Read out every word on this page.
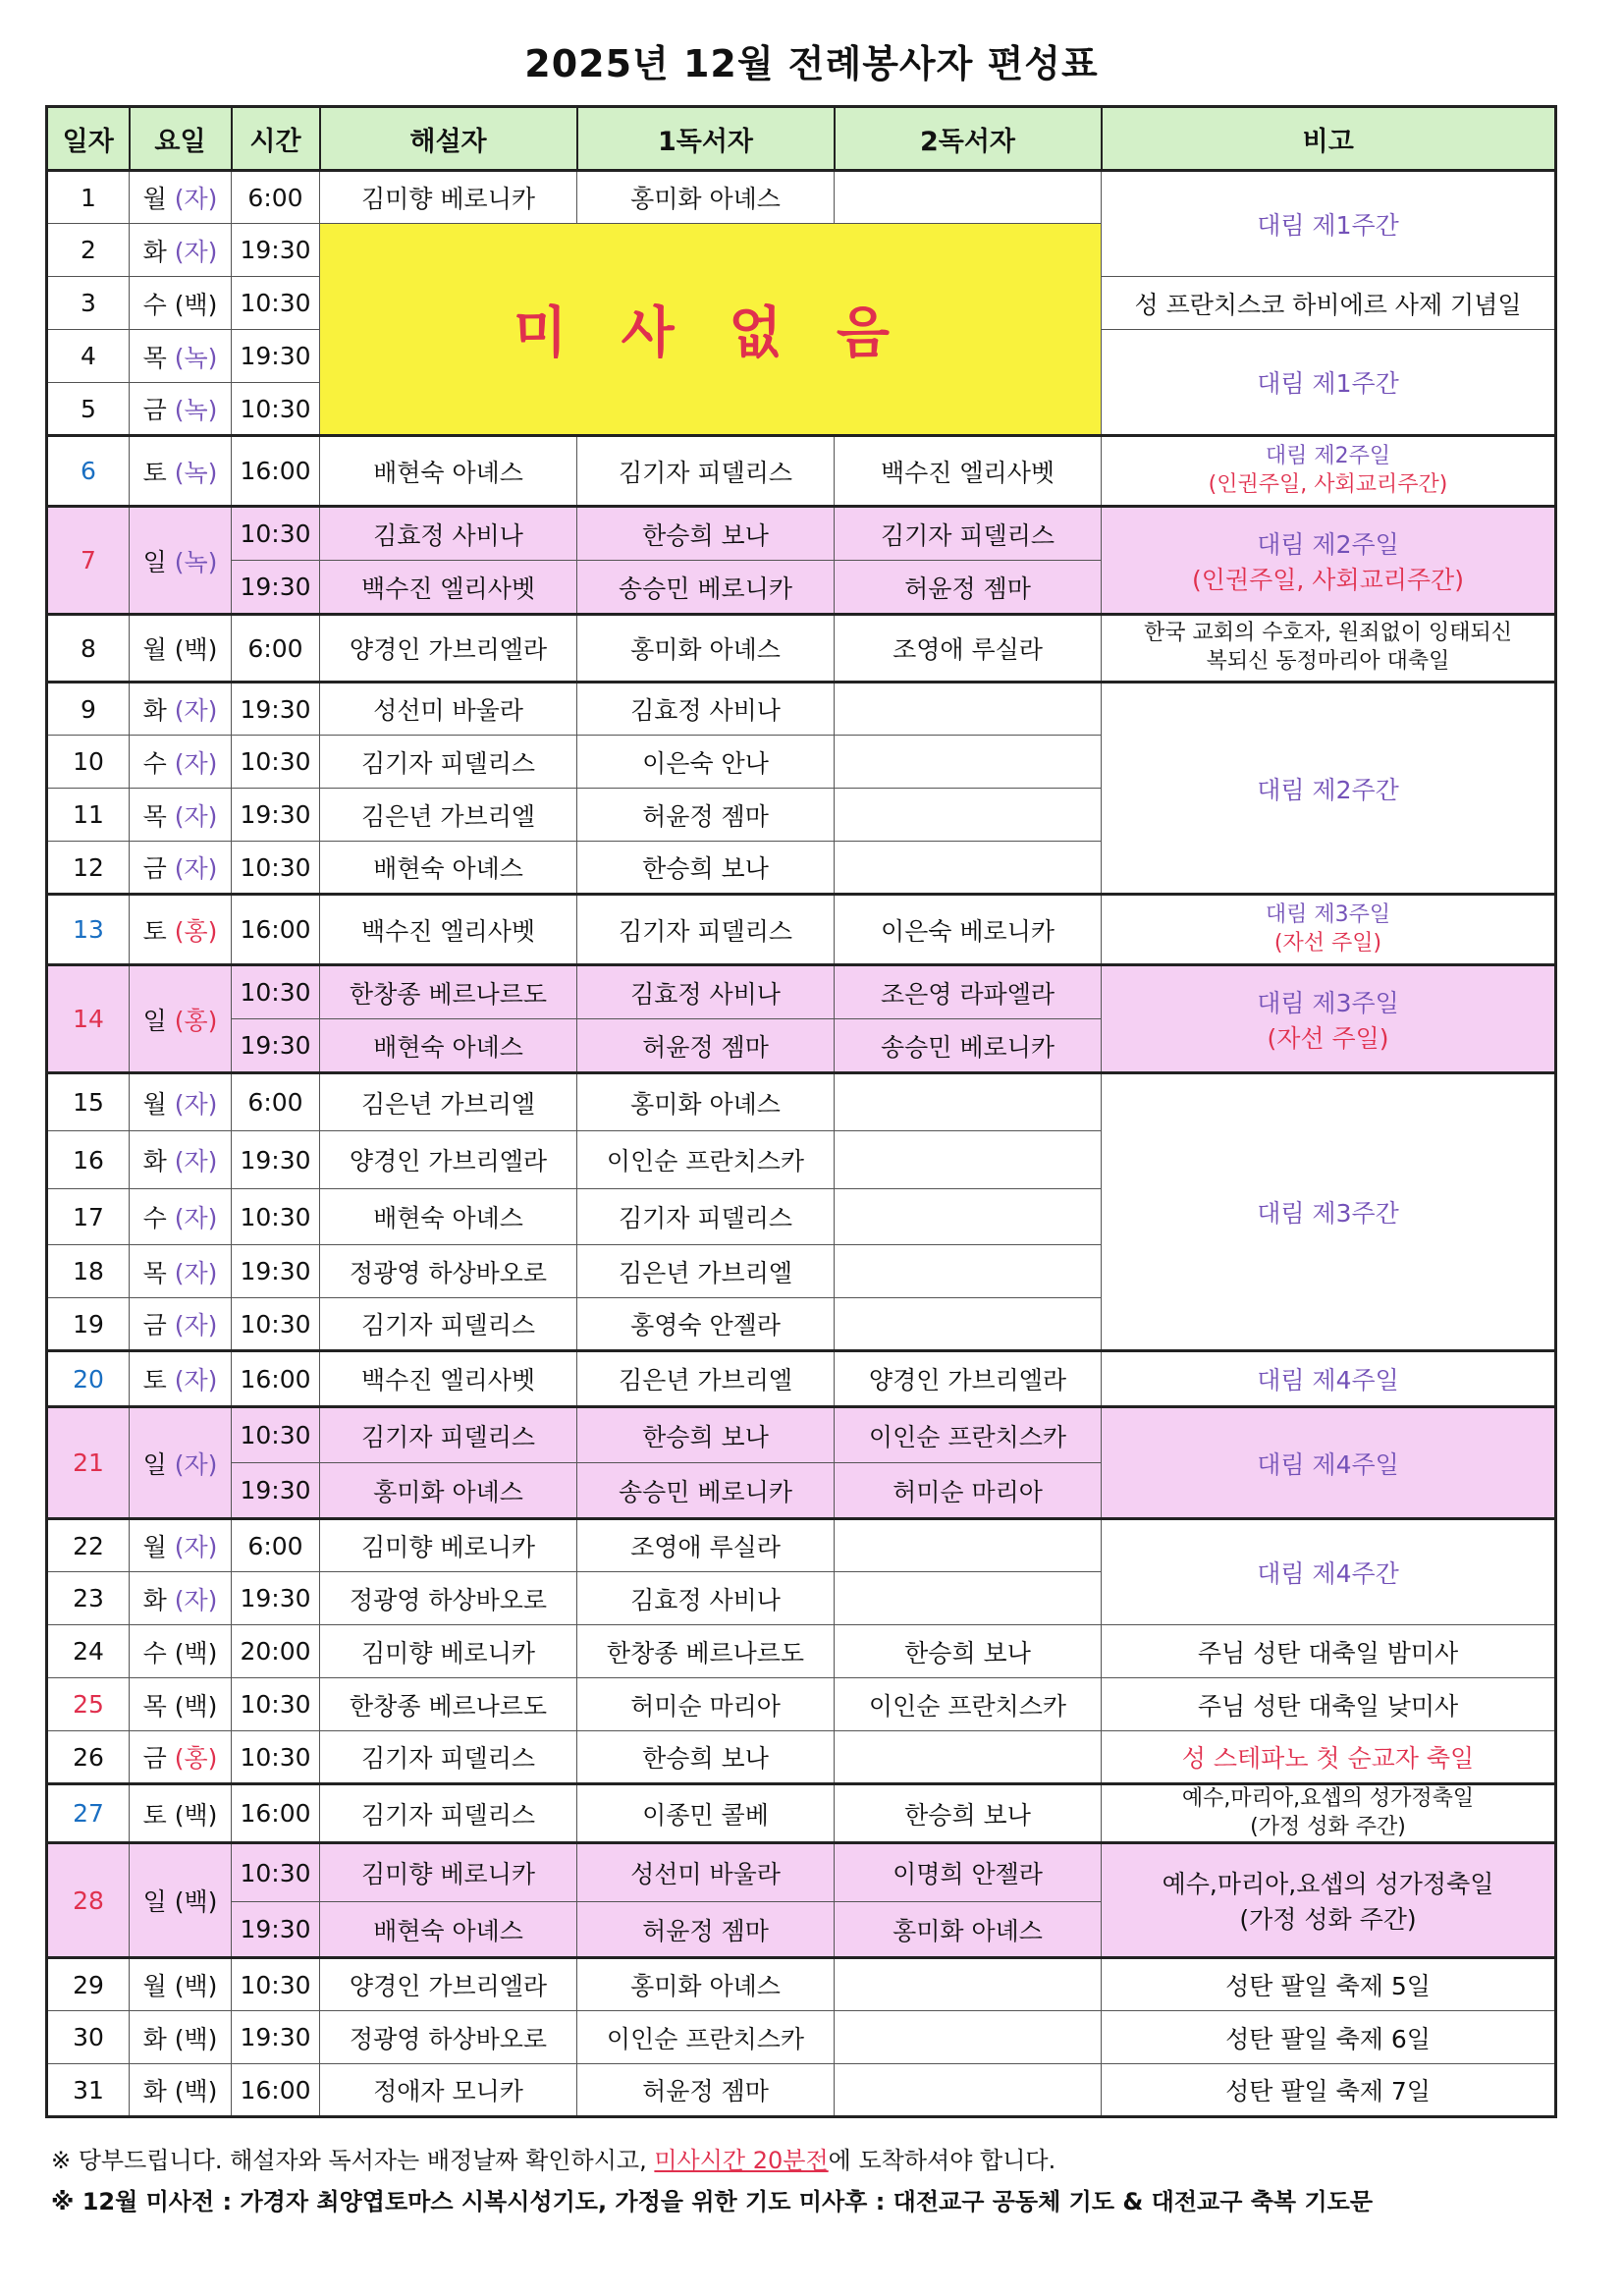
2025년 12월 전례봉사자 편성표
일자	요일	시간	해설자	1독서자	2독서자	비고
1	월 (자)	6:00	김미향 베로니카	홍미화 아녜스		대림 제1주간

2	화 (자)	19:30	미 사 없 음			
3	수 (백)	10:30				성 프란치스코 하비에르 사제 기념일

4	목 (녹)	19:30				대림 제1주간

5	금 (녹)	10:30				
6	토 (녹)	16:00	배현숙 아녜스	김기자 피델리스	백수진 엘리사벳	대림 제2주일
(인권주일, 사회교리주간)

7	일 (녹)	10:30	김효정 사비나	한승희 보나	김기자 피델리스	대림 제2주일
(인권주일, 사회교리주간)

		19:30	백수진 엘리사벳	송승민 베로니카	허윤정 젬마	
8	월 (백)	6:00	양경인 가브리엘라	홍미화 아녜스	조영애 루실라	한국 교회의 수호자, 원죄없이 잉태되신
복되신 동정마리아 대축일

9	화 (자)	19:30	성선미 바울라	김효정 사비나		대림 제2주간

10	수 (자)	10:30	김기자 피델리스	이은숙 안나		
11	목 (자)	19:30	김은년 가브리엘	허윤정 젬마		
12	금 (자)	10:30	배현숙 아녜스	한승희 보나		
13	토 (홍)	16:00	백수진 엘리사벳	김기자 피델리스	이은숙 베로니카	대림 제3주일
(자선 주일)

14	일 (홍)	10:30	한창종 베르나르도	김효정 사비나	조은영 라파엘라	대림 제3주일
(자선 주일)

		19:30	배현숙 아녜스	허윤정 젬마	송승민 베로니카	
15	월 (자)	6:00	김은년 가브리엘	홍미화 아녜스		대림 제3주간

16	화 (자)	19:30	양경인 가브리엘라	이인순 프란치스카		
17	수 (자)	10:30	배현숙 아녜스	김기자 피델리스		
18	목 (자)	19:30	정광영 하상바오로	김은년 가브리엘		
19	금 (자)	10:30	김기자 피델리스	홍영숙 안젤라		
20	토 (자)	16:00	백수진 엘리사벳	김은년 가브리엘	양경인 가브리엘라	대림 제4주일

21	일 (자)	10:30	김기자 피델리스	한승희 보나	이인순 프란치스카	대림 제4주일

		19:30	홍미화 아녜스	송승민 베로니카	허미순 마리아	
22	월 (자)	6:00	김미향 베로니카	조영애 루실라		대림 제4주간

23	화 (자)	19:30	정광영 하상바오로	김효정 사비나		
24	수 (백)	20:00	김미향 베로니카	한창종 베르나르도	한승희 보나	주님 성탄 대축일 밤미사

25	목 (백)	10:30	한창종 베르나르도	허미순 마리아	이인순 프란치스카	주님 성탄 대축일 낮미사

26	금 (홍)	10:30	김기자 피델리스	한승희 보나		성 스테파노 첫 순교자 축일

27	토 (백)	16:00	김기자 피델리스	이종민 콜베	한승희 보나	예수,마리아,요셉의 성가정축일
(가정 성화 주간)

28	일 (백)	10:30	김미향 베로니카	성선미 바울라	이명희 안젤라	예수,마리아,요셉의 성가정축일
(가정 성화 주간)

		19:30	배현숙 아녜스	허윤정 젬마	홍미화 아녜스	
29	월 (백)	10:30	양경인 가브리엘라	홍미화 아녜스		성탄 팔일 축제 5일

30	화 (백)	19:30	정광영 하상바오로	이인순 프란치스카		성탄 팔일 축제 6일

31	화 (백)	16:00	정애자 모니카	허윤정 젬마		성탄 팔일 축제 7일
※ 당부드립니다. 해설자와 독서자는 배정날짜 확인하시고, 미사시간 20분전에 도착하셔야 합니다.
※ 12월 미사전 : 가경자 최양엽토마스 시복시성기도, 가정을 위한 기도 미사후 : 대전교구 공동체 기도 & 대전교구 축복 기도문
